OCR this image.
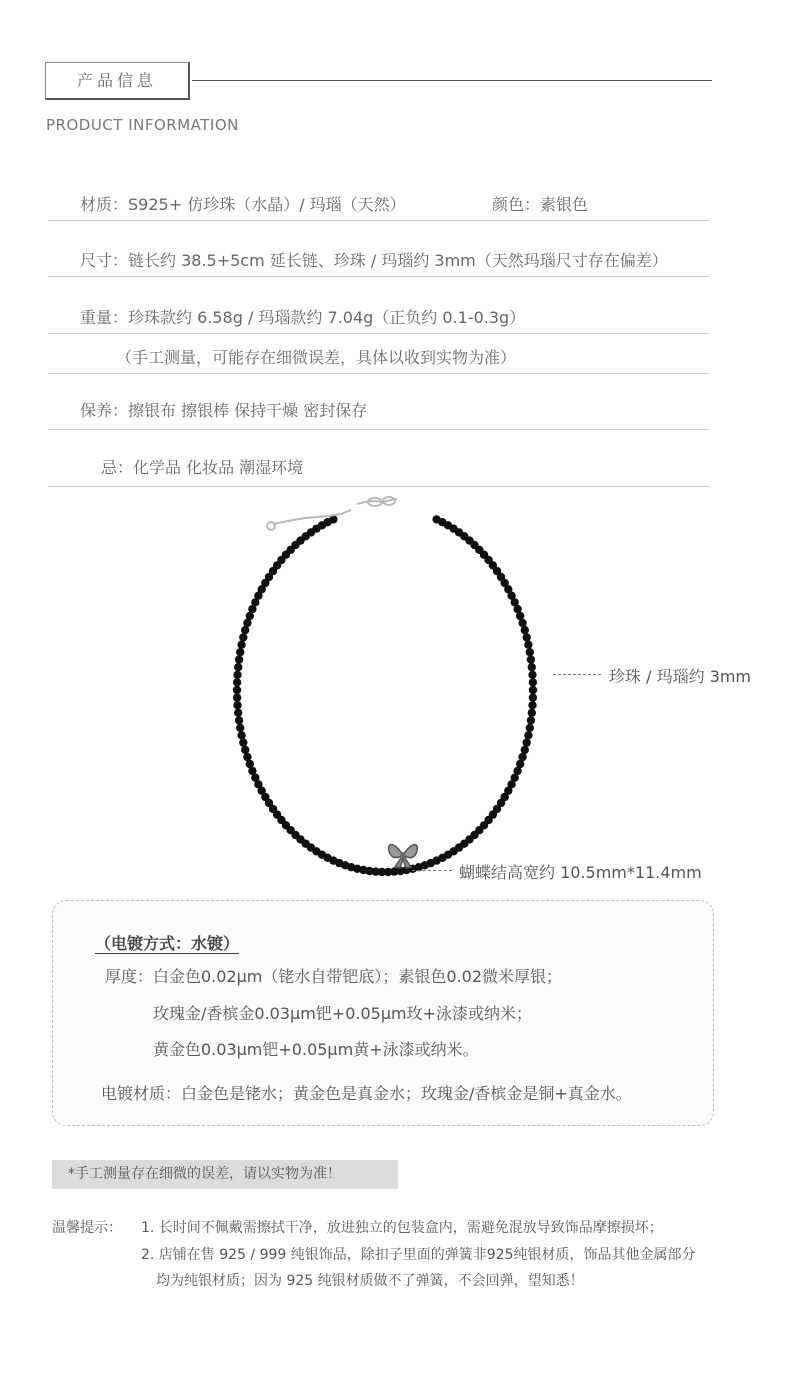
产品信息
PRODUCT INFORMATION
材质：S925+ 仿珍珠（水晶）/ 玛瑙（天然）	颜色：素银色
尺寸：链长约 38.5+5cm 延长链、珍珠 / 玛瑙约 3mm（天然玛瑙尺寸存在偏差）
重量：珍珠款约 6.58g / 玛瑙款约 7.04g（正负约 0.1-0.3g）
（手工测量，可能存在细微误差，具体以收到实物为准）
保养：擦银布 擦银棒 保持干燥 密封保存
忌：化学品 化妆品 潮湿环境
珍珠 / 玛瑙约 3mm
蝴蝶结高宽约 10.5mm*11.4mm
（电镀方式：水镀）
厚度：白金色0.02μm（铑水自带钯底）；素银色0.02微米厚银；
玫瑰金/香槟金0.03μm钯+0.05μm玫+泳漆或纳米；
黄金色0.03μm钯+0.05μm黄+泳漆或纳米。
电镀材质：白金色是铑水；黄金色是真金水；玫瑰金/香槟金是铜+真金水。
*手工测量存在细微的误差，请以实物为准！
温馨提示： 1. 长时间不佩戴需擦拭干净，放进独立的包装盒内，需避免混放导致饰品摩擦损坏；
2. 店铺在售 925 / 999 纯银饰品，除扣子里面的弹簧非925纯银材质，饰品其他金属部分
均为纯银材质；因为 925 纯银材质做不了弹簧，不会回弹，望知悉！
